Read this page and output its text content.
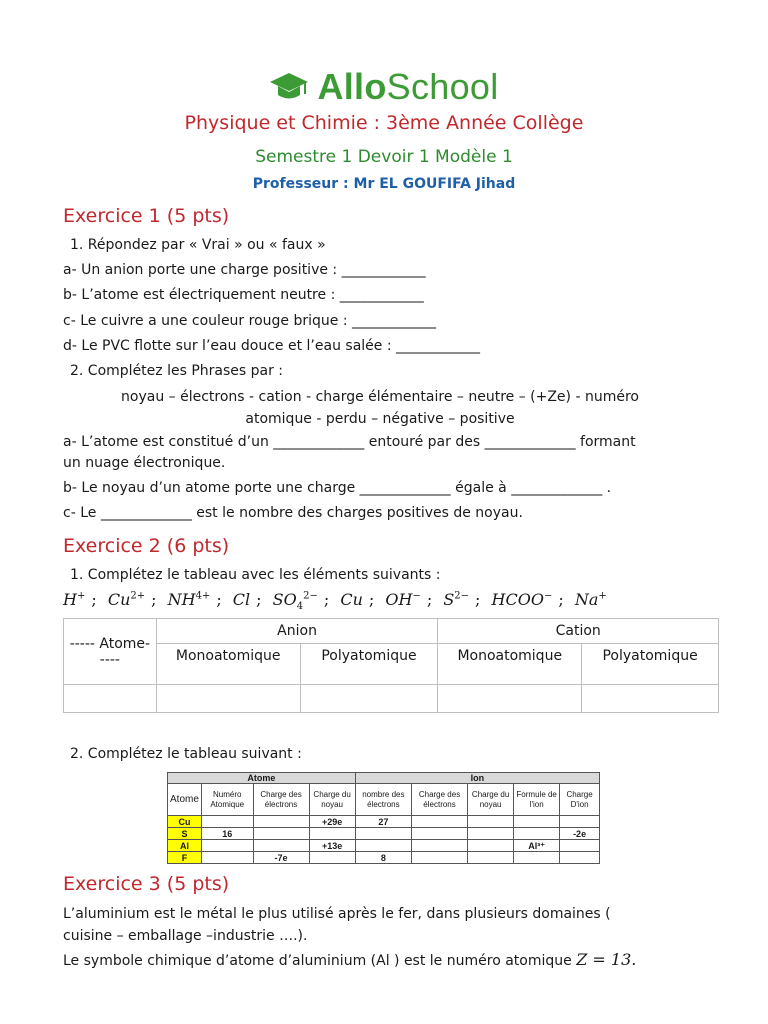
AlloSchool
Physique et Chimie : 3ème Année Collège
Semestre 1 Devoir 1 Modèle 1
Professeur : Mr EL GOUFIFA Jihad
Exercice 1 (5 pts)
1. Répondez par « Vrai » ou « faux »
a- Un anion porte une charge positive : ____________
b- L’atome est électriquement neutre : ____________
c- Le cuivre a une couleur rouge brique : ____________
d- Le PVC flotte sur l’eau douce et l’eau salée : ____________
2. Complétez les Phrases par :
noyau – électrons - cation - charge élémentaire – neutre – (+Ze) - numéro
atomique - perdu – négative – positive
a- L’atome est constitué d’un _____________ entouré par des _____________ formant
un nuage électronique.
b- Le noyau d’un atome porte une charge _____________ égale à _____________ .
c- Le _____________ est le nombre des charges positives de noyau.
Exercice 2 (6 pts)
1. Complétez le tableau avec les éléments suivants :
H+ ; $Cu^{2+}$ ; $NH^{4+}$ ; Cl ; $SO_4^{2-}$ ; Cu ; OH− ; $S^{2-}$ ; HCOO− ; Na+
----- Atome-----	Anion		Cation	
	Monoatomique	Polyatomique	Monoatomique	Polyatomique

2. Complétez le tableau suivant :
Atome				Ion				
Atome	Numéro Atomique	Charge des électrons	Charge du noyau	nombre des électrons	Charge des électrons	Charge du noyau	Formule de l'ion	Charge D'ion
Cu			+29e	27				
S	16							-2e
Al			+13e				Al³⁺	
F		-7e		8				
Exercice 3 (5 pts)
L’aluminium est le métal le plus utilisé après le fer, dans plusieurs domaines (
cuisine – emballage –industrie ….).
Le symbole chimique d’atome d’aluminium (Al ) est le numéro atomique Z = 13.
